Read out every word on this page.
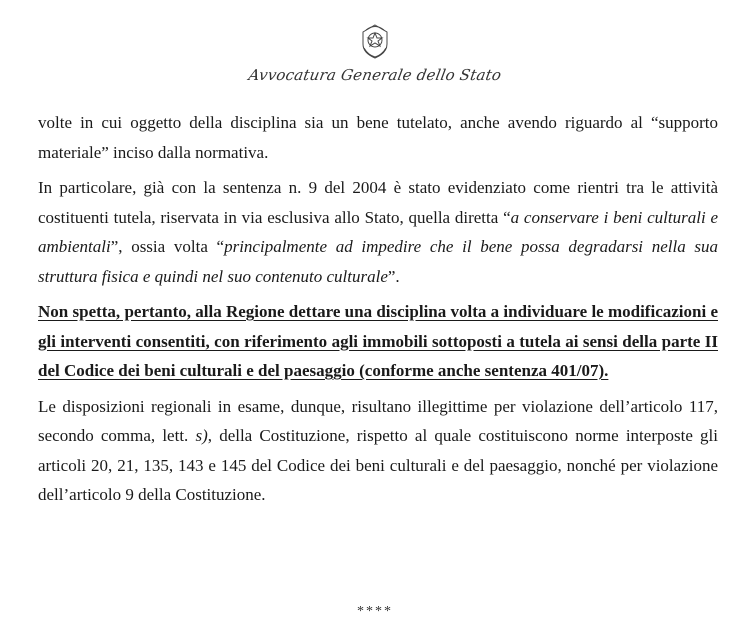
Avvocatura Generale dello Stato

volte in cui oggetto della disciplina sia un bene tutelato, anche avendo riguardo al “supporto materiale” inciso dalla normativa.

In particolare, già con la sentenza n. 9 del 2004 è stato evidenziato come rientri tra le attività costituenti tutela, riservata in via esclusiva allo Stato, quella diretta “a conservare i beni culturali e ambientali”, ossia volta “principalmente ad impedire che il bene possa degradarsi nella sua struttura fisica e quindi nel suo contenuto culturale”.

Non spetta, pertanto, alla Regione dettare una disciplina volta a individuare le modificazioni e gli interventi consentiti, con riferimento agli immobili sottoposti a tutela ai sensi della parte II del Codice dei beni culturali e del paesaggio (conforme anche sentenza 401/07).

Le disposizioni regionali in esame, dunque, risultano illegittime per violazione dell’articolo 117, secondo comma, lett. s), della Costituzione, rispetto al quale costituiscono norme interposte gli articoli 20, 21, 135, 143 e 145 del Codice dei beni culturali e del paesaggio, nonché per violazione dell’articolo 9 della Costituzione.

****
